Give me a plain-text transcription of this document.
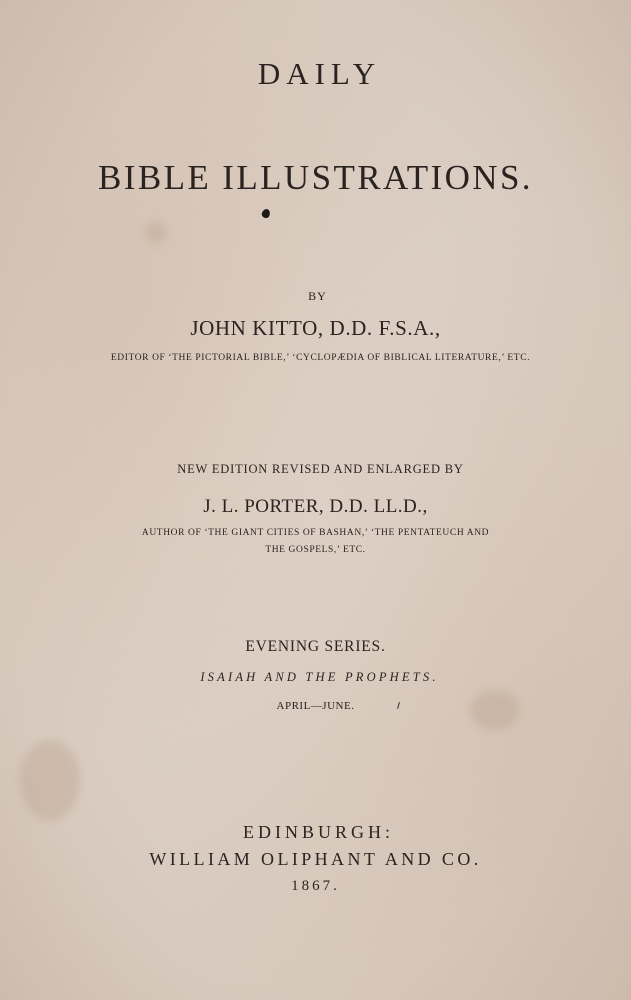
DAILY
BIBLE ILLUSTRATIONS.
BY
JOHN KITTO, D.D. F.S.A.,
EDITOR OF ‘THE PICTORIAL BIBLE,’ ‘CYCLOPÆDIA OF BIBLICAL LITERATURE,’ ETC.
NEW EDITION REVISED AND ENLARGED BY
J. L. PORTER, D.D. LL.D.,
AUTHOR OF ‘THE GIANT CITIES OF BASHAN,’ ‘THE PENTATEUCH AND
THE GOSPELS,’ ETC.
EVENING SERIES.
ISAIAH AND THE PROPHETS.
APRIL—JUNE.
EDINBURGH:
WILLIAM OLIPHANT AND CO.
1867.
